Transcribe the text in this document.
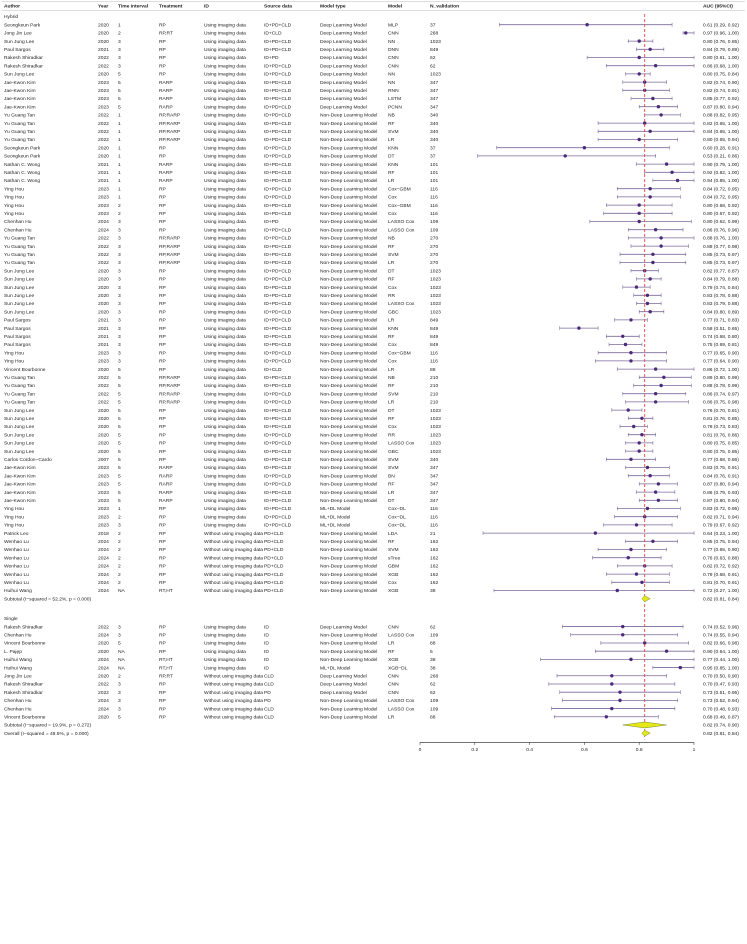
Author	Year Time Interval Treatment	ID	Source data	Model type	Model	N_validation	AUC (95%CI)
Hybrid
Seongkeun Park	2020 1	RP	Using imaging data	ID+PD+CLD	Deep Learning Model	MLP	37	0.61 (0.29, 0.92)
Jong Jin Lee	2020 2	RP,RT	Using imaging data	ID+CLD	Deep Learning Model	CNN	268	0.97 (0.96, 1.00)
Sun Jung Lee	2020 3	RP	Using imaging data	ID+PD+CLD	Deep Learning Model	NN	1023	0.80 (0.76, 0.85)
Paul Sargos	2021 3	RP	Using imaging data	ID+PD+CLD	Deep Learning Model	DNN	849	0.84 (0.79, 0.89)
Rakesh Shiradkar	2022 3	RP	Using imaging data	ID+PD	Deep Learning Model	CNN	62	0.80 (0.61, 1.00)
Rakesh Shiradkar	2022 3	RP	Using imaging data	ID+PD+CLD	Deep Learning Model	CNN	62	0.86 (0.68, 1.00)
Sun Jung Lee	2020 5	RP	Using imaging data	ID+PD+CLD	Deep Learning Model	NN	1023	0.80 (0.75, 0.84)
Jae-Kwon Kim	2023 5	RARP	Using imaging data	ID+PD+CLD	Deep Learning Model	NN	347	0.82 (0.74, 0.90)
Jae-Kwon Kim	2023 5	RARP	Using imaging data	ID+PD+CLD	Deep Learning Model	RNN	347	0.82 (0.74, 0.91)
Jae-Kwon Kim	2023 5	RARP	Using imaging data	ID+PD+CLD	Deep Learning Model	LSTM	347	0.85 (0.77, 0.92)
Jae-Kwon Kim	2023 5	RARP	Using imaging data	ID+PD+CLD	Deep Learning Model	PCNN	347	0.87 (0.80, 0.94)
Yu Guang Tan	2022 1	RP,RARP	Using imaging data	ID+PD+CLD	Non-Deep Learning Model NB	340	0.88 (0.82, 0.95)
Yu Guang Tan	2022 1	RP,RARP	Using imaging data	ID+PD+CLD	Non-Deep Learning Model RF	340	0.82 (0.65, 1.00)
Yu Guang Tan	2022 1	RP,RARP	Using imaging data	ID+PD+CLD	Non-Deep Learning Model SVM	340	0.84 (0.65, 1.00)
Yu Guang Tan	2022 1	RP,RARP	Using imaging data	ID+PD+CLD	Non-Deep Learning Model LR	340	0.80 (0.65, 0.94)
Seongkeun Park	2020 1	RP	Using imaging data	ID+PD+CLD	Non-Deep Learning Model KNN	37	0.60 (0.28, 0.91)
Seongkeun Park	2020 1	RP	Using imaging data	ID+PD+CLD	Non-Deep Learning Model DT	37	0.53 (0.21, 0.86)
Nathan C. Wong	2021 1	RARP	Using imaging data	ID+PD+CLD	Non-Deep Learning Model KNN	101	0.90 (0.79, 1.00)
Nathan C. Wong	2021 1	RARP	Using imaging data	ID+PD+CLD	Non-Deep Learning Model RF	101	0.92 (0.82, 1.00)
Nathan C. Wong	2021 1	RARP	Using imaging data	ID+PD+CLD	Non-Deep Learning Model LR	101	0.94 (0.85, 1.00)
Ying Hou	2023 1	RP	Using imaging data	ID+PD+CLD	Non-Deep Learning Model Cox−GBM	116	0.84 (0.72, 0.95)
Ying Hou	2023 1	RP	Using imaging data	ID+PD+CLD	Non-Deep Learning Model Cox	116	0.84 (0.72, 0.95)
Ying Hou	2023 2	RP	Using imaging data	ID+PD+CLD	Non-Deep Learning Model Cox−GBM	116	0.80 (0.68, 0.92)
Ying Hou	2023 2	RP	Using imaging data	ID+PD+CLD	Non-Deep Learning Model Cox	116	0.80 (0.67, 0.92)
Chenhan Hu	2024 3	RP	Using imaging data	ID+PD	Non-Deep Learning Model LASSO Cox	109	0.80 (0.62, 0.99)
Chenhan Hu	2024 3	RP	Using imaging data	ID+PD+CLD	Non-Deep Learning Model LASSO Cox	109	0.86 (0.76, 0.96)
Yu Guang Tan	2022 3	RP,RARP	Using imaging data	ID+PD+CLD	Non-Deep Learning Model NB	270	0.88 (0.76, 1.00)
Yu Guang Tan	2022 3	RP,RARP	Using imaging data	ID+PD+CLD	Non-Deep Learning Model RF	270	0.88 (0.77, 0.98)
Yu Guang Tan	2022 3	RP,RARP	Using imaging data	ID+PD+CLD	Non-Deep Learning Model SVM	270	0.85 (0.73, 0.97)
Yu Guang Tan	2022 3	RP,RARP	Using imaging data	ID+PD+CLD	Non-Deep Learning Model LR	270	0.85 (0.73, 0.97)
Sun Jung Lee	2020 3	RP	Using imaging data	ID+PD+CLD	Non-Deep Learning Model DT	1023	0.82 (0.77, 0.87)
Sun Jung Lee	2020 3	RP	Using imaging data	ID+PD+CLD	Non-Deep Learning Model RF	1023	0.84 (0.79, 0.88)
Sun Jung Lee	2020 3	RP	Using imaging data	ID+PD+CLD	Non-Deep Learning Model Cox	1023	0.79 (0.74, 0.84)
Sun Jung Lee	2020 3	RP	Using imaging data	ID+PD+CLD	Non-Deep Learning Model RR	1023	0.83 (0.78, 0.88)
Sun Jung Lee	2020 3	RP	Using imaging data	ID+PD+CLD	Non-Deep Learning Model LASSO Cox	1023	0.83 (0.79, 0.88)
Sun Jung Lee	2020 3	RP	Using imaging data	ID+PD+CLD	Non-Deep Learning Model GBC	1023	0.84 (0.80, 0.89)
Paul Sargos	2021 3	RP	Using imaging data	ID+PD+CLD	Non-Deep Learning Model LR	849	0.77 (0.71, 0.83)
Paul Sargos	2021 3	RP	Using imaging data	ID+PD+CLD	Non-Deep Learning Model KNN	849	0.58 (0.51, 0.65)
Paul Sargos	2021 3	RP	Using imaging data	ID+PD+CLD	Non-Deep Learning Model RF	849	0.74 (0.68, 0.80)
Paul Sargos	2021 3	RP	Using imaging data	ID+PD+CLD	Non-Deep Learning Model Cox	849	0.75 (0.69, 0.81)
Ying Hou	2023 3	RP	Using imaging data	ID+PD+CLD	Non-Deep Learning Model Cox−GBM	116	0.77 (0.65, 0.90)
Ying Hou	2023 3	RP	Using imaging data	ID+PD+CLD	Non-Deep Learning Model Cox	116	0.77 (0.64, 0.90)
Vincent Bourbonne	2020 5	RP	Using imaging data	ID+CLD	Non-Deep Learning Model LR	88	0.86 (0.72, 1.00)
Yu Guang Tan	2022 5	RP,RARP	Using imaging data	ID+PD+CLD	Non-Deep Learning Model NB	210	0.89 (0.80, 0.99)
Yu Guang Tan	2022 5	RP,RARP	Using imaging data	ID+PD+CLD	Non-Deep Learning Model RF	210	0.88 (0.78, 0.99)
Yu Guang Tan	2022 5	RP,RARP	Using imaging data	ID+PD+CLD	Non-Deep Learning Model SVM	210	0.86 (0.74, 0.97)
Yu Guang Tan	2022 5	RP,RARP	Using imaging data	ID+PD+CLD	Non-Deep Learning Model LR	210	0.86 (0.75, 0.98)
Sun Jung Lee	2020 5	RP	Using imaging data	ID+PD+CLD	Non-Deep Learning Model DT	1023	0.76 (0.70, 0.81)
Sun Jung Lee	2020 5	RP	Using imaging data	ID+PD+CLD	Non-Deep Learning Model RF	1023	0.81 (0.76, 0.85)
Sun Jung Lee	2020 5	RP	Using imaging data	ID+PD+CLD	Non-Deep Learning Model Cox	1023	0.78 (0.73, 0.83)
Sun Jung Lee	2020 5	RP	Using imaging data	ID+PD+CLD	Non-Deep Learning Model RR	1023	0.81 (0.76, 0.86)
Sun Jung Lee	2020 5	RP	Using imaging data	ID+PD+CLD	Non-Deep Learning Model LASSO Cox	1023	0.80 (0.75, 0.85)
Sun Jung Lee	2020 5	RP	Using imaging data	ID+PD+CLD	Non-Deep Learning Model GBC	1023	0.80 (0.75, 0.85)
Carlos Cordon−Cardo	2007 5	RP	Using imaging data	ID+PD+CLD	Non-Deep Learning Model SVM	340	0.77 (0.68, 0.86)
Jae-Kwon Kim	2023 5	RARP	Using imaging data	ID+PD+CLD	Non-Deep Learning Model SVM	347	0.83 (0.75, 0.91)
Jae-Kwon Kim	2023 5	RARP	Using imaging data	ID+PD+CLD	Non-Deep Learning Model BN	347	0.84 (0.76, 0.91)
Jae-Kwon Kim	2023 5	RARP	Using imaging data	ID+PD+CLD	Non-Deep Learning Model RF	347	0.87 (0.80, 0.94)
Jae-Kwon Kim	2023 5	RARP	Using imaging data	ID+PD+CLD	Non-Deep Learning Model LR	347	0.86 (0.79, 0.93)
Jae-Kwon Kim	2023 5	RARP	Using imaging data	ID+PD+CLD	Non-Deep Learning Model DT	347	0.87 (0.80, 0.94)
Ying Hou	2023 1	RP	Using imaging data	ID+PD+CLD	ML+DL Model	Cox−DL	116	0.83 (0.72, 0.95)
Ying Hou	2023 2	RP	Using imaging data	ID+PD+CLD	ML+DL Model	Cox−DL	116	0.82 (0.71, 0.94)
Ying Hou	2023 3	RP	Using imaging data	ID+PD+CLD	ML+DL Model	Cox−DL	116	0.79 (0.67, 0.92)
Patrick Leo	2018 2	RP	Without using imaging data PD+CLD	Non-Deep Learning Model LDA	21	0.64 (0.23, 1.00)
Wenhao Lu	2024 2	RP	Without using imaging data PD+CLD	Non-Deep Learning Model RF	162	0.85 (0.75, 0.94)
Wenhao Lu	2024 2	RP	Without using imaging data PD+CLD	Non-Deep Learning Model SVM	162	0.77 (0.65, 0.90)
Wenhao Lu	2024 2	RP	Without using imaging data PD+CLD	Non-Deep Learning Model sTree	162	0.76 (0.63, 0.88)
Wenhao Lu	2024 2	RP	Without using imaging data PD+CLD	Non-Deep Learning Model GBM	162	0.82 (0.72, 0.92)
Wenhao Lu	2024 2	RP	Without using imaging data PD+CLD	Non-Deep Learning Model XGB	162	0.79 (0.68, 0.91)
Wenhao Lu	2024 2	RP	Without using imaging data PD+CLD	Non-Deep Learning Model Cox	162	0.81 (0.70, 0.91)
Huihui Wang	2024 NA	RT,HT	Without using imaging data PD+CLD	Non-Deep Learning Model XGB	38	0.72 (0.27, 1.00)
Subtotal (I−squared = 52.2%, p = 0.000)	0.82 (0.81, 0.84)
Single
Rakesh Shiradkar	2022 3	RP	Using imaging data	ID	Deep Learning Model	CNN	62	0.74 (0.52, 0.96)
Chenhan Hu	2024 3	RP	Using imaging data	ID	Non-Deep Learning Model LASSO Cox	109	0.74 (0.55, 0.94)
Vincent Bourbonne	2020 5	RP	Using imaging data	ID	Non-Deep Learning Model LR	88	0.82 (0.66, 0.98)
L. Pajęp	2020 NA	RP	Using imaging data	ID	Non-Deep Learning Model RF	5	0.90 (0.64, 1.00)
Huihui Wang	2024 NA	RT,HT	Using imaging data	ID	Non-Deep Learning Model XGB	38	0.77 (0.44, 1.00)
Huihui Wang	2024 NA	RT,HT	Using imaging data	ID	ML+DL Model	XGB−DL	38	0.95 (0.85, 1.00)
Jong Jin Lee	2020 2	RP,RT	Without using imaging data CLD	Deep Learning Model	CNN	268	0.70 (0.50, 0.90)
Rakesh Shiradkar	2022 3	RP	Without using imaging data CLD	Deep Learning Model	CNN	62	0.70 (0.47, 0.93)
Rakesh Shiradkar	2022 3	RP	Without using imaging data PD	Deep Learning Model	CNN	62	0.73 (0.51, 0.95)
Chenhan Hu	2024 3	RP	Without using imaging data PD	Non-Deep Learning Model LASSO Cox	109	0.73 (0.52, 0.94)
Chenhan Hu	2024 3	RP	Without using imaging data CLD	Non-Deep Learning Model LASSO Cox	109	0.70 (0.48, 0.93)
Vincent Bourbonne	2020 5	RP	Without using imaging data CLD	Non-Deep Learning Model LR	88	0.68 (0.49, 0.87)
Subtotal (I−squared = 19.9%, p = 0.272)	0.82 (0.74, 0.90)
Overall (I−squared = 49.5%, p = 0.000)	0.82 (0.81, 0.84)
0	0.2	0.4	0.6	0.8	1
